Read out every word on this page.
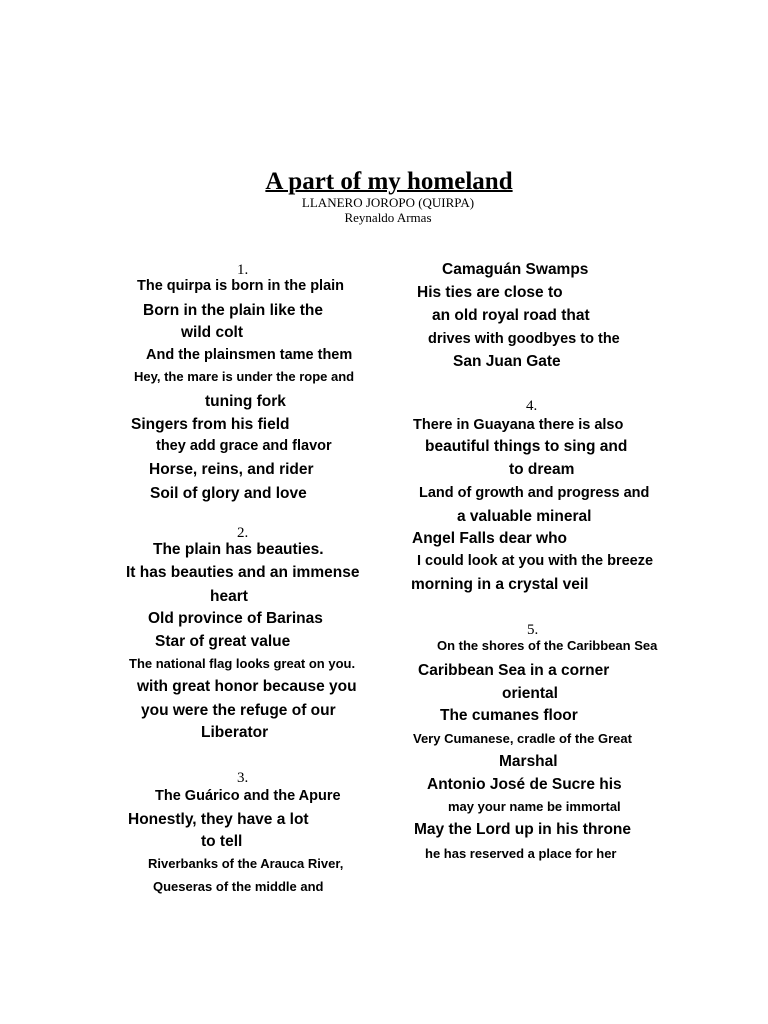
A part of my homeland
LLANERO JOROPO (QUIRPA)
Reynaldo Armas
1.
The quirpa is born in the plain
Born in the plain like the
wild colt
And the plainsmen tame them
Hey, the mare is under the rope and
tuning fork
Singers from his field
they add grace and flavor
Horse, reins, and rider
Soil of glory and love
2.
The plain has beauties.
It has beauties and an immense
heart
Old province of Barinas
Star of great value
The national flag looks great on you.
with great honor because you
you were the refuge of our
Liberator
3.
The Guárico and the Apure
Honestly, they have a lot
to tell
Riverbanks of the Arauca River,
Queseras of the middle and
Camaguán Swamps
His ties are close to
an old royal road that
drives with goodbyes to the
San Juan Gate
4.
There in Guayana there is also
beautiful things to sing and
to dream
Land of growth and progress and
a valuable mineral
Angel Falls dear who
I could look at you with the breeze
morning in a crystal veil
5.
On the shores of the Caribbean Sea
Caribbean Sea in a corner
oriental
The cumanes floor
Very Cumanese, cradle of the Great
Marshal
Antonio José de Sucre his
may your name be immortal
May the Lord up in his throne
he has reserved a place for her
